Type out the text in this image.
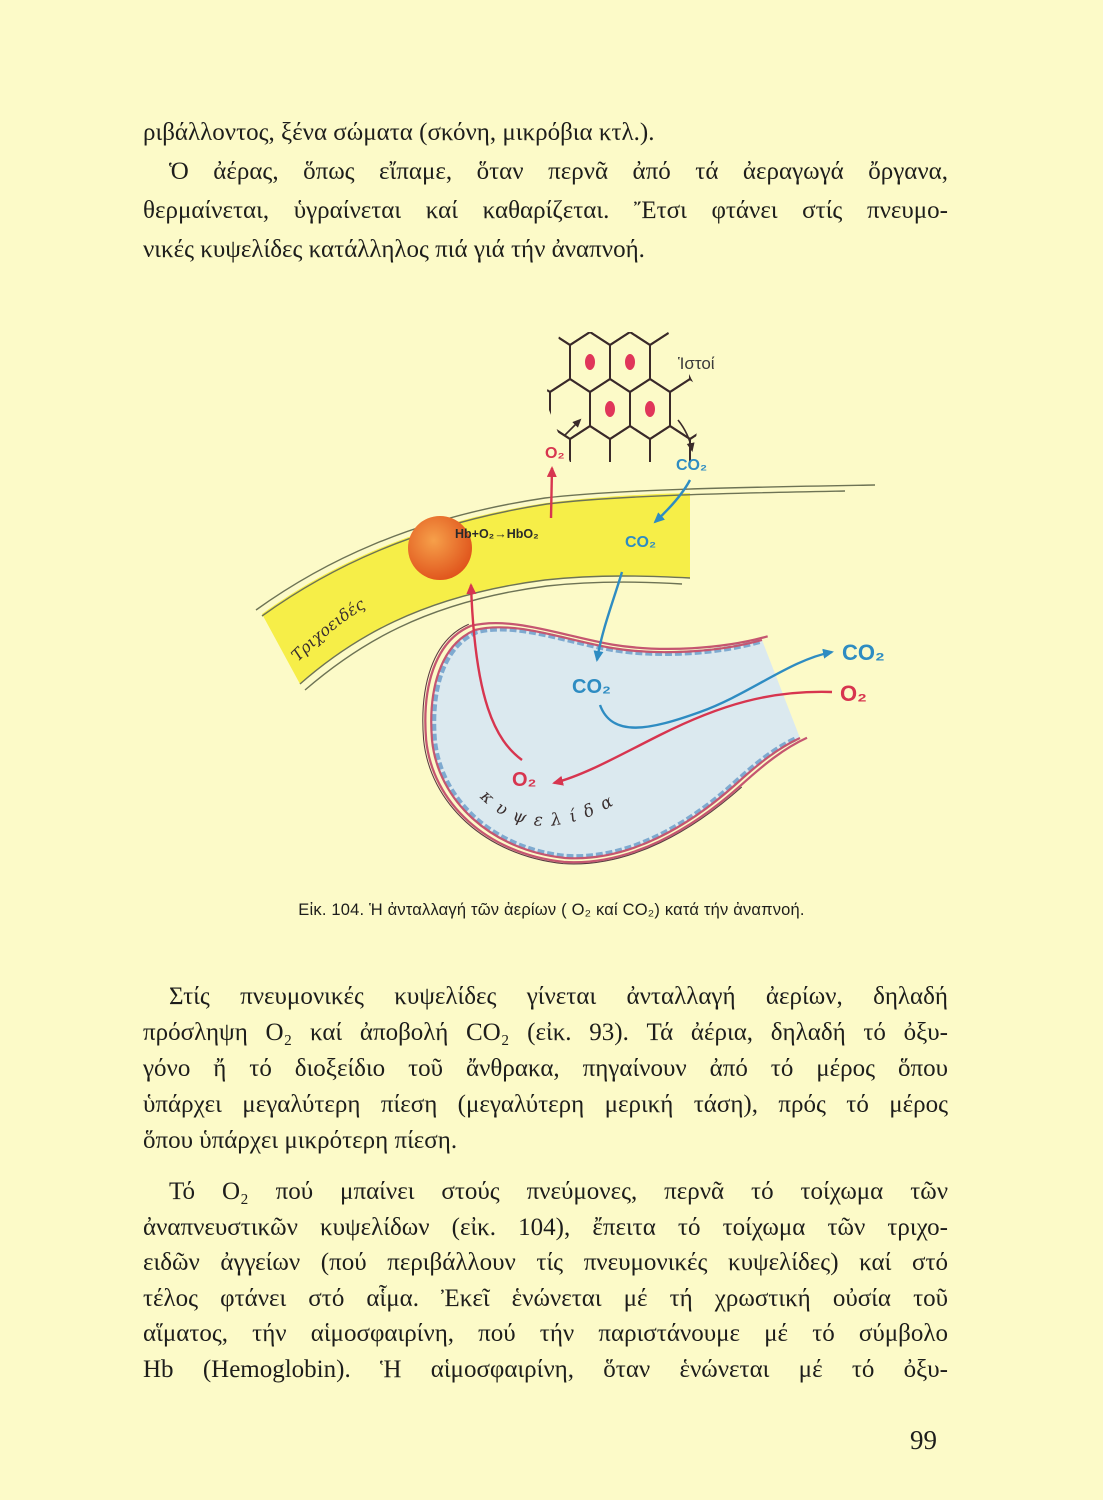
ριβάλλοντος, ξένα σώματα (σκόνη, μικρόβια κτλ.).
Ὁ ἀέρας, ὅπως εἴπαμε, ὅταν περνᾶ ἀπό τά ἀεραγωγά ὄργανα,
θερμαίνεται, ὑγραίνεται καί καθαρίζεται. Ἔτσι φτάνει στίς πνευμο-
νικές κυψελίδες κατάλληλος πιά γιά τήν ἀναπνοή.
Ἱστοί
Hb+O₂→HbO₂
Τριχοειδές
κυψελίδα
O₂
CO₂
CO₂
CO₂
CO₂
O₂
O₂
Εἰκ. 104. Ἡ ἀνταλλαγή τῶν ἀερίων ( O₂ καί CO₂) κατά τήν ἀναπνοή.
Στίς πνευμονικές κυψελίδες γίνεται ἀνταλλαγή ἀερίων, δηλαδή
πρόσληψη O₂ καί ἀποβολή CO₂ (εἰκ. 93). Τά ἀέρια, δηλαδή τό ὀξυ-
γόνο ἤ τό διοξείδιο τοῦ ἄνθρακα, πηγαίνουν ἀπό τό μέρος ὅπου
ὑπάρχει μεγαλύτερη πίεση (μεγαλύτερη μερική τάση), πρός τό μέρος
ὅπου ὑπάρχει μικρότερη πίεση.
Τό O₂ πού μπαίνει στούς πνεύμονες, περνᾶ τό τοίχωμα τῶν
ἀναπνευστικῶν κυψελίδων (εἰκ. 104), ἔπειτα τό τοίχωμα τῶν τριχο-
ειδῶν ἀγγείων (πού περιβάλλουν τίς πνευμονικές κυψελίδες) καί στό
τέλος φτάνει στό αἷμα. Ἐκεῖ ἑνώνεται μέ τή χρωστική οὐσία τοῦ
αἵματος, τήν αἱμοσφαιρίνη, πού τήν παριστάνουμε μέ τό σύμβολο
Hb (Hemoglobin). Ἡ αἱμοσφαιρίνη, ὅταν ἑνώνεται μέ τό ὀξυ-
99
